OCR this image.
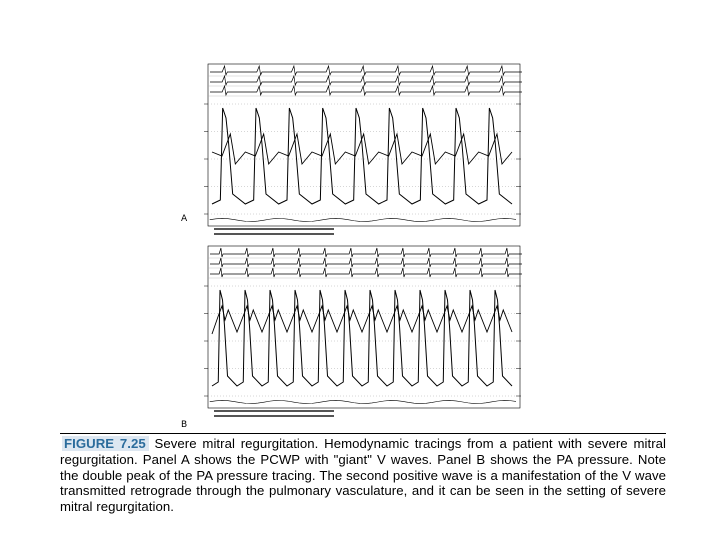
A
B
FIGURE 7.25 Severe mitral regurgitation. Hemodynamic tracings from a patient with severe mitral regurgitation. Panel A shows the PCWP with "giant" V waves. Panel B shows the PA pressure. Note the double peak of the PA pressure tracing. The second positive wave is a manifestation of the V wave transmitted retrograde through the pulmonary vasculature, and it can be seen in the setting of severe mitral regurgitation.
